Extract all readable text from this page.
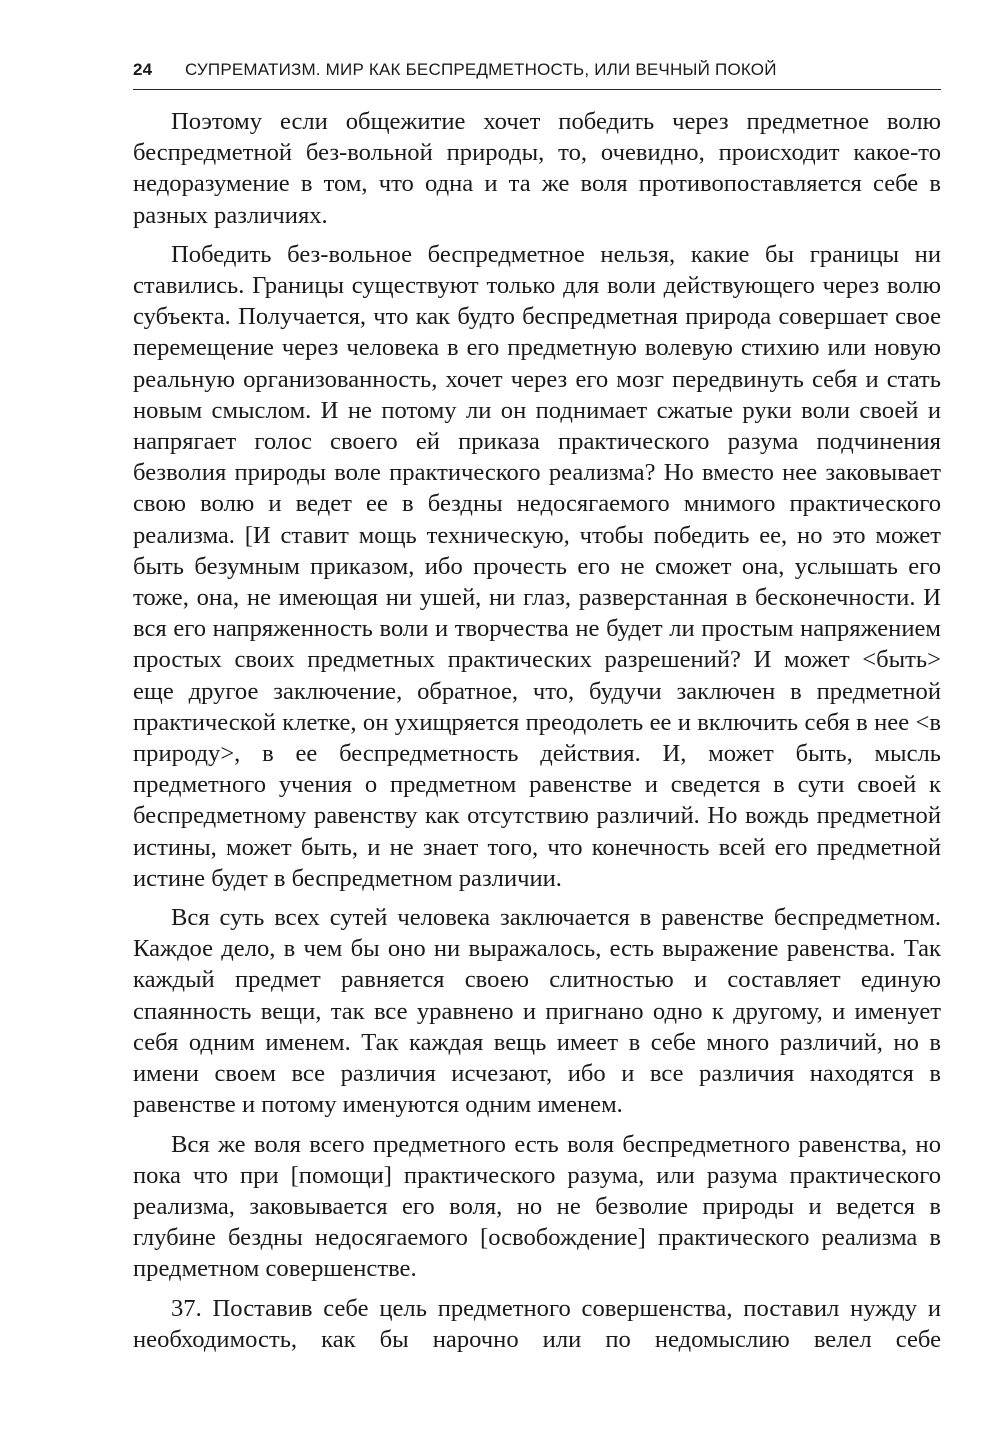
24	СУПРЕМАТИЗМ. МИР КАК БЕСПРЕДМЕТНОСТЬ, ИЛИ ВЕЧНЫЙ ПОКОЙ

Поэтому если общежитие хочет победить через предметное волю беспредметной без-вольной природы, то, очевидно, происходит какое-то недоразумение в том, что одна и та же воля противопоставляется себе в разных различиях.

Победить без-вольное беспредметное нельзя, какие бы границы ни ставились. Границы существуют только для воли действующего через волю субъекта. Получается, что как будто беспредметная природа совершает свое перемещение через человека в его предметную волевую стихию или новую реальную организованность, хочет через его мозг передвинуть себя и стать новым смыслом. И не потому ли он поднимает сжатые руки воли своей и напрягает голос своего ей приказа практического разума подчинения безволия природы воле практического реализма? Но вместо нее заковывает свою волю и ведет ее в бездны недосягаемого мнимого практического реализма. [И ставит мощь техническую, чтобы победить ее, но это может быть безумным приказом, ибо прочесть его не сможет она, услышать его тоже, она, не имеющая ни ушей, ни глаз, разверстанная в бесконечности. И вся его напряженность воли и творчества не будет ли простым напряжением простых своих предметных практических разрешений? И может <быть> еще другое заключение, обратное, что, будучи заключен в предметной практической клетке, он ухищряется преодолеть ее и включить себя в нее <в природу>, в ее беспредметность действия. И, может быть, мысль предметного учения о предметном равенстве и сведется в сути своей к беспредметному равенству как отсутствию различий. Но вождь предметной истины, может быть, и не знает того, что конечность всей его предметной истине будет в беспредметном различии.

Вся суть всех сутей человека заключается в равенстве беспредметном. Каждое дело, в чем бы оно ни выражалось, есть выражение равенства. Так каждый предмет равняется своею слитностью и составляет единую спаянность вещи, так все уравнено и пригнано одно к другому, и именует себя одним именем. Так каждая вещь имеет в себе много различий, но в имени своем все различия исчезают, ибо и все различия находятся в равенстве и потому именуются одним именем.

Вся же воля всего предметного есть воля беспредметного равенства, но пока что при [помощи] практического разума, или разума практического реализма, заковывается его воля, но не безволие природы и ведется в глубине бездны недосягаемого [освобождение] практического реализма в предметном совершенстве.

37. Поставив себе цель предметного совершенства, поставил нужду и необходимость, как бы нарочно или по недомыслию велел себе
